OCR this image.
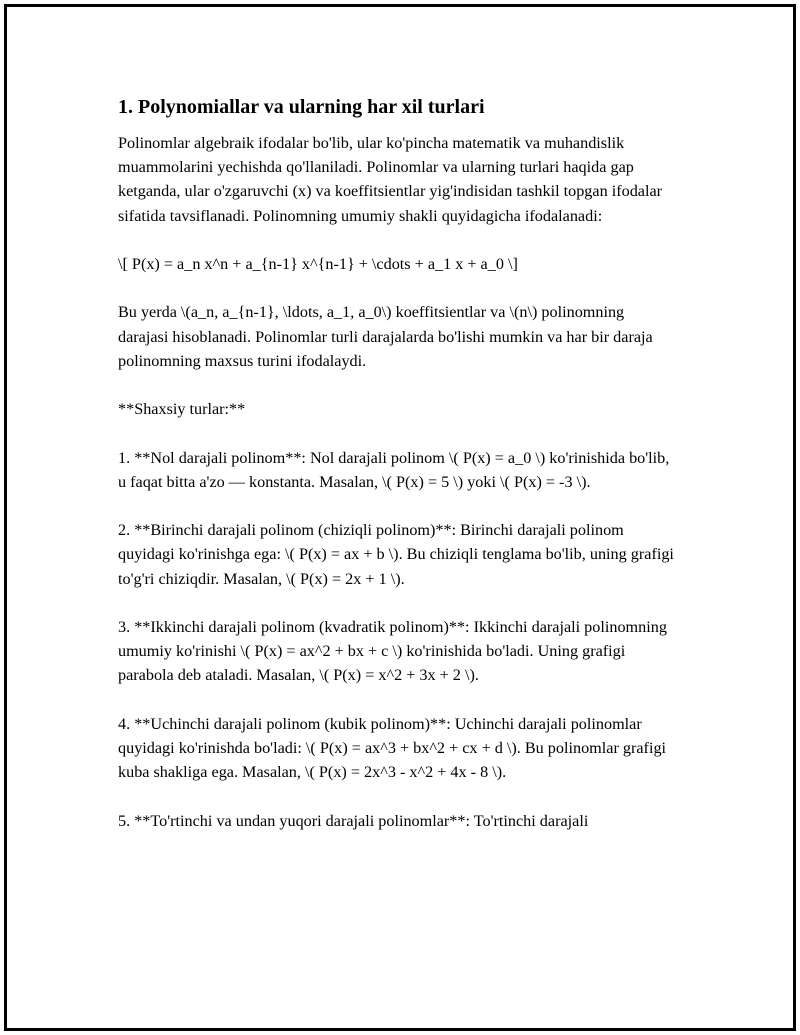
1. Polynomiallar va ularning har xil turlari

Polinomlar algebraik ifodalar bo'lib, ular ko'pincha matematik va muhandislik muammolarini yechishda qo'llaniladi. Polinomlar va ularning turlari haqida gap ketganda, ular o'zgaruvchi (x) va koeffitsientlar yig'indisidan tashkil topgan ifodalar sifatida tavsiflanadi. Polinomning umumiy shakli quyidagicha ifodalanadi:

\[ P(x) = a_n x^n + a_{n-1} x^{n-1} + \cdots + a_1 x + a_0 \]

Bu yerda \(a_n, a_{n-1}, \ldots, a_1, a_0\) koeffitsientlar va \(n\) polinomning darajasi hisoblanadi. Polinomlar turli darajalarda bo'lishi mumkin va har bir daraja polinomning maxsus turini ifodalaydi.

**Shaxsiy turlar:**

1. **Nol darajali polinom**: Nol darajali polinom \( P(x) = a_0 \) ko'rinishida bo'lib, u faqat bitta a'zo — konstanta. Masalan, \( P(x) = 5 \) yoki \( P(x) = -3 \).

2. **Birinchi darajali polinom (chiziqli polinom)**: Birinchi darajali polinom quyidagi ko'rinishga ega: \( P(x) = ax + b \). Bu chiziqli tenglama bo'lib, uning grafigi to'g'ri chiziqdir. Masalan, \( P(x) = 2x + 1 \).

3. **Ikkinchi darajali polinom (kvadratik polinom)**: Ikkinchi darajali polinomning umumiy ko'rinishi \( P(x) = ax^2 + bx + c \) ko'rinishida bo'ladi. Uning grafigi parabola deb ataladi. Masalan, \( P(x) = x^2 + 3x + 2 \).

4. **Uchinchi darajali polinom (kubik polinom)**: Uchinchi darajali polinomlar quyidagi ko'rinishda bo'ladi: \( P(x) = ax^3 + bx^2 + cx + d \). Bu polinomlar grafigi kuba shakliga ega. Masalan, \( P(x) = 2x^3 - x^2 + 4x - 8 \).

5. **To'rtinchi va undan yuqori darajali polinomlar**: To'rtinchi darajali
